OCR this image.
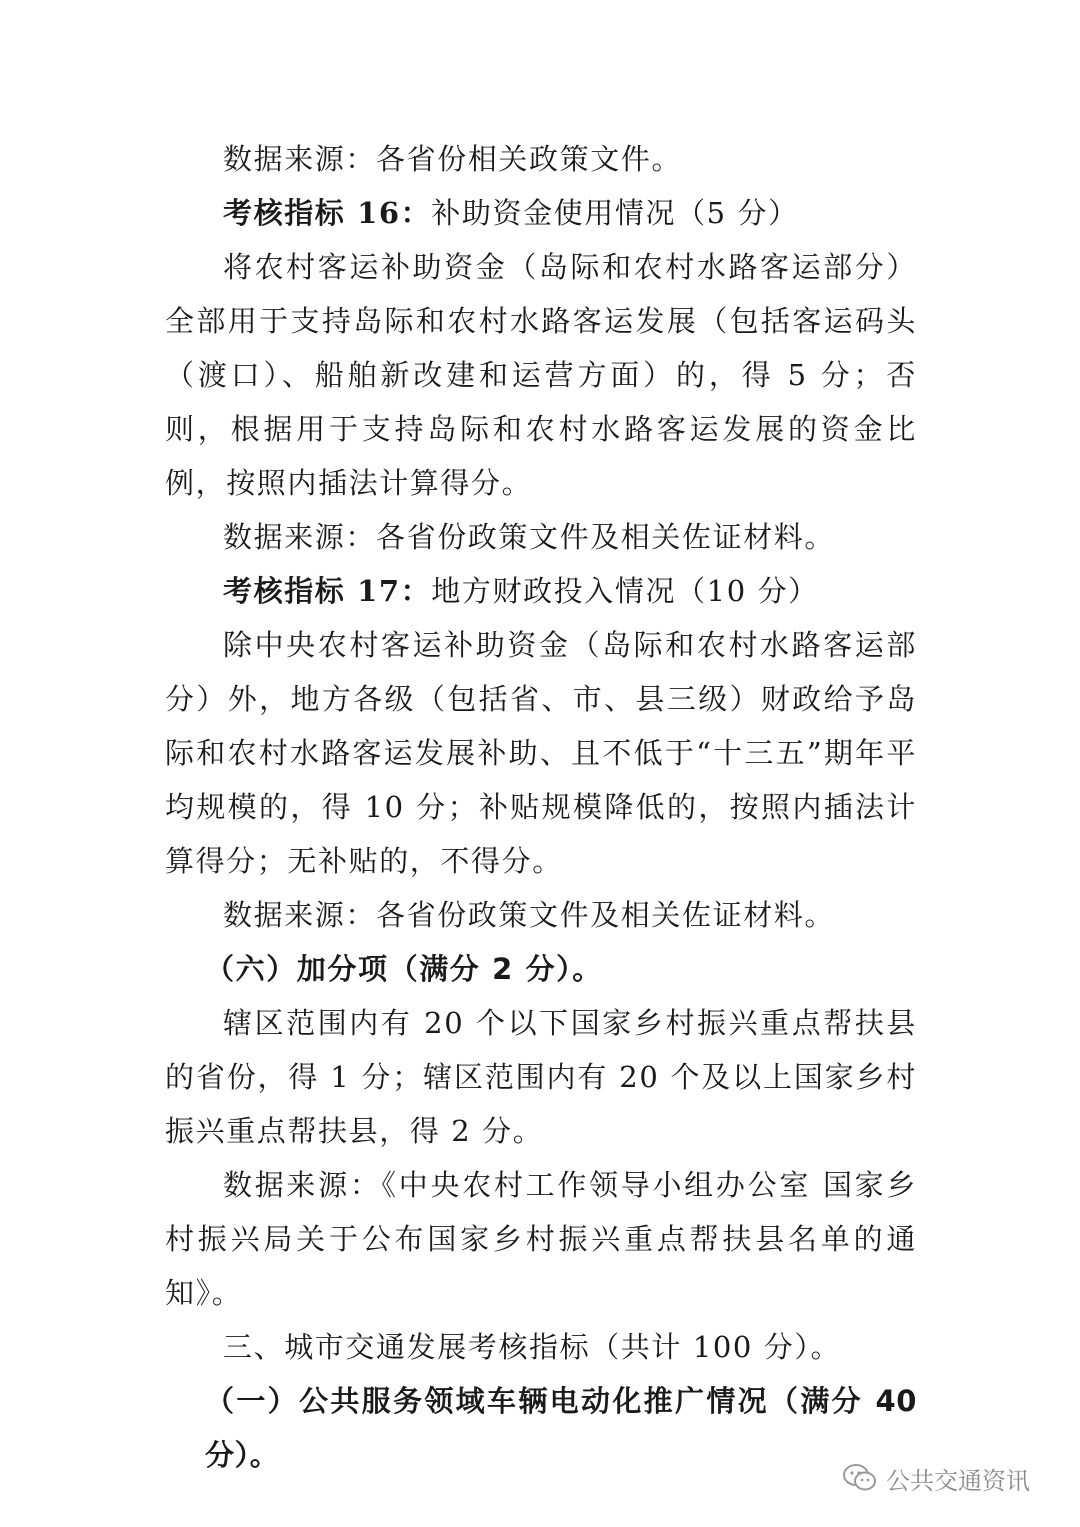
数据来源：各省份相关政策文件。

考核指标 16：补助资金使用情况（5 分）

将农村客运补助资金（岛际和农村水路客运部分）全部用于支持岛际和农村水路客运发展（包括客运码头（渡口）、船舶新改建和运营方面）的，得 5 分；否则，根据用于支持岛际和农村水路客运发展的资金比例，按照内插法计算得分。

数据来源：各省份政策文件及相关佐证材料。

考核指标 17：地方财政投入情况（10 分）

除中央农村客运补助资金（岛际和农村水路客运部分）外，地方各级（包括省、市、县三级）财政给予岛际和农村水路客运发展补助、且不低于“十三五”期年平均规模的，得 10 分；补贴规模降低的，按照内插法计算得分；无补贴的，不得分。

数据来源：各省份政策文件及相关佐证材料。

（六）加分项（满分 2 分）。

辖区范围内有 20 个以下国家乡村振兴重点帮扶县的省份，得 1 分；辖区范围内有 20 个及以上国家乡村振兴重点帮扶县，得 2 分。

数据来源：《中央农村工作领导小组办公室 国家乡村振兴局关于公布国家乡村振兴重点帮扶县名单的通知》。

三、城市交通发展考核指标（共计 100 分）。

（一）公共服务领域车辆电动化推广情况（满分 40 分）。

公共交通资讯
